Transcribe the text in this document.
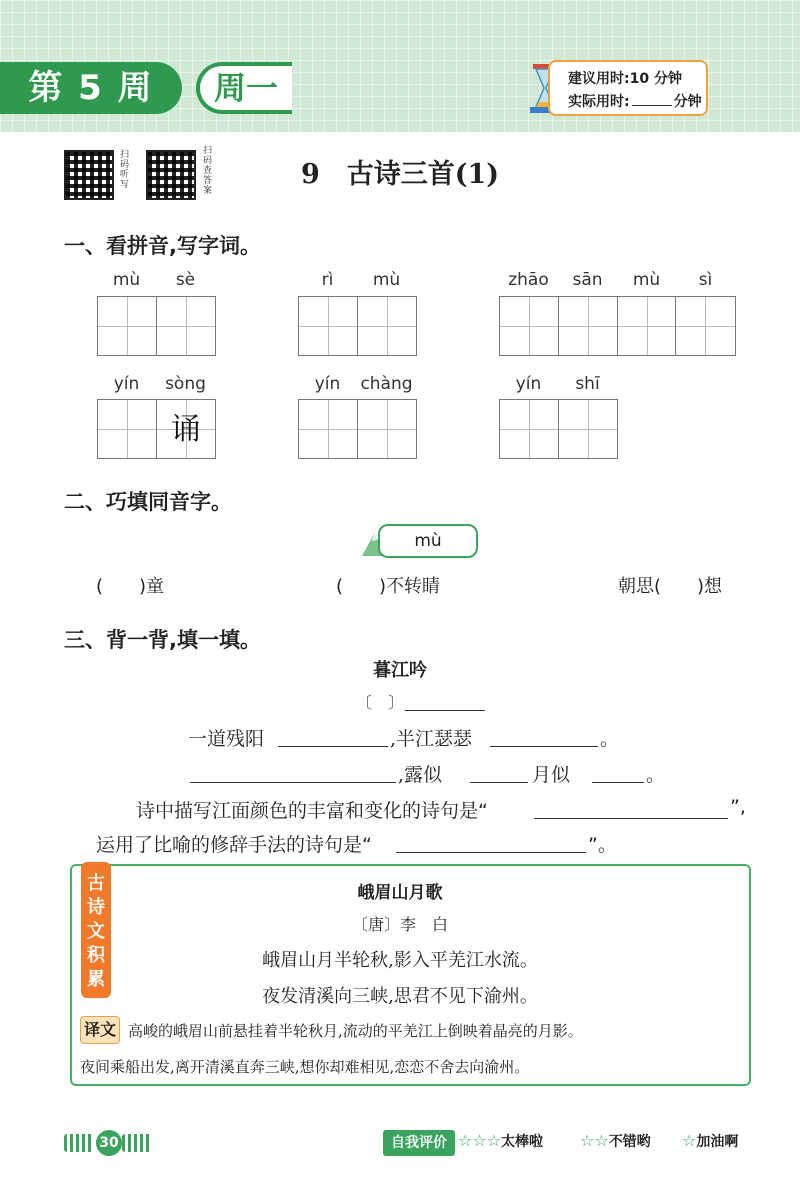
第 5 周	周一	建议用时:10 分钟
实际用时:	分钟
扫码听写
扫码查答案
9　古诗三首(1)
一、看拼音,写字词。
mù	sè	rì	mù	zhāo	sān	mù	sì
yín	sòng
诵
yín	chàng	yín	shī
二、巧填同音字。
mù
(　　)童	(　　)不转睛	朝思(　　)想
三、背一背,填一填。
暮江吟
〔　〕
一道残阳	,半江瑟瑟	。
,露似	月似	。
诗中描写江面颜色的丰富和变化的诗句是“	”,
运用了比喻的修辞手法的诗句是“	”。
古诗文积累
峨眉山月歌
〔唐〕李　白
峨眉山月半轮秋,影入平羌江水流。
夜发清溪向三峡,思君不见下渝州。
译文 高峻的峨眉山前悬挂着半轮秋月,流动的平羌江上倒映着晶亮的月影。
夜间乘船出发,离开清溪直奔三峡,想你却难相见,恋恋不舍去向渝州。
30	自我评价 ☆☆☆太棒啦 ☆☆不错哟 ☆加油啊
